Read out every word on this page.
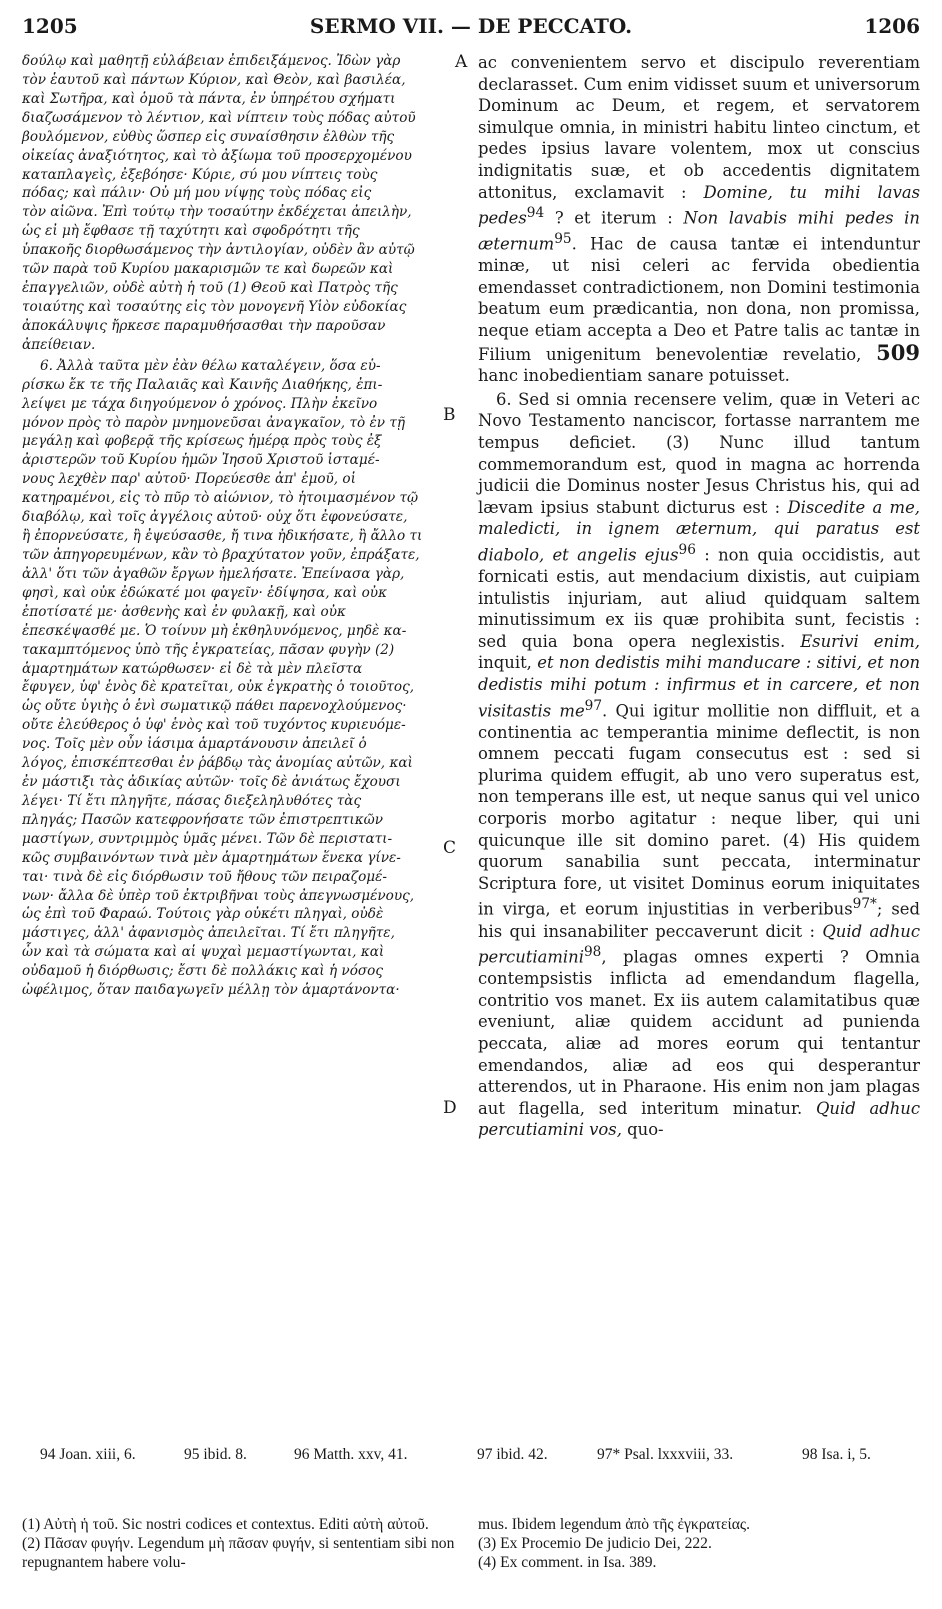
1205	SERMO VII. — DE PECCATO.	1206

δούλῳ καὶ μαθητῇ εὐλάβειαν ἐπιδειξάμενος. Ἰδὼν γὰρ
τὸν ἑαυτοῦ καὶ πάντων Κύριον, καὶ Θεὸν, καὶ βασιλέα,
καὶ Σωτῆρα, καὶ ὁμοῦ τὰ πάντα, ἐν ὑπηρέτου σχήματι
διαζωσάμενον τὸ λέντιον, καὶ νίπτειν τοὺς πόδας αὐτοῦ
βουλόμενον, εὐθὺς ὥσπερ εἰς συναίσθησιν ἐλθὼν τῆς
οἰκείας ἀναξιότητος, καὶ τὸ ἀξίωμα τοῦ προσερχομένου
καταπλαγεὶς, ἐξεβόησε· Κύριε, σύ μου νίπτεις τοὺς
πόδας; καὶ πάλιν· Οὐ μή μου νίψῃς τοὺς πόδας εἰς
τὸν αἰῶνα. Ἐπὶ τούτῳ τὴν τοσαύτην ἐκδέχεται ἀπειλὴν,
ὡς εἰ μὴ ἔφθασε τῇ ταχύτητι καὶ σφοδρότητι τῆς
ὑπακοῆς διορθωσάμενος τὴν ἀντιλογίαν, οὐδὲν ἂν αὐτῷ
τῶν παρὰ τοῦ Κυρίου μακαρισμῶν τε καὶ δωρεῶν καὶ
ἐπαγγελιῶν, οὐδὲ αὐτὴ ἡ τοῦ (1) Θεοῦ καὶ Πατρὸς τῆς
τοιαύτης καὶ τοσαύτης εἰς τὸν μονογενῆ Υἱὸν εὐδοκίας
ἀποκάλυψις ἤρκεσε παραμυθήσασθαι τὴν παροῦσαν
ἀπείθειαν.

6. Ἀλλὰ ταῦτα μὲν ἐὰν θέλω καταλέγειν, ὅσα εὑ-
ρίσκω ἔκ τε τῆς Παλαιᾶς καὶ Καινῆς Διαθήκης, ἐπι-
λείψει με τάχα διηγούμενον ὁ χρόνος. Πλὴν ἐκεῖνο
μόνον πρὸς τὸ παρὸν μνημονεῦσαι ἀναγκαῖον, τὸ ἐν τῇ
μεγάλῃ καὶ φοβερᾷ τῆς κρίσεως ἡμέρᾳ πρὸς τοὺς ἐξ
ἀριστερῶν τοῦ Κυρίου ἡμῶν Ἰησοῦ Χριστοῦ ἱσταμέ-
νους λεχθὲν παρ' αὐτοῦ· Πορεύεσθε ἀπ' ἐμοῦ, οἱ
κατηραμένοι, εἰς τὸ πῦρ τὸ αἰώνιον, τὸ ἡτοιμασμένον τῷ
διαβόλῳ, καὶ τοῖς ἀγγέλοις αὐτοῦ· οὐχ ὅτι ἐφονεύσατε,
ἢ ἐπορνεύσατε, ἢ ἐψεύσασθε, ἤ τινα ἠδικήσατε, ἢ ἄλλο τι
τῶν ἀπηγορευμένων, κἂν τὸ βραχύτατον γοῦν, ἐπράξατε,
ἀλλ' ὅτι τῶν ἀγαθῶν ἔργων ἠμελήσατε. Ἐπείνασα γὰρ,
φησὶ, καὶ οὐκ ἐδώκατέ μοι φαγεῖν· ἐδίψησα, καὶ οὐκ
ἐποτίσατέ με· ἀσθενὴς καὶ ἐν φυλακῇ, καὶ οὐκ
ἐπεσκέψασθέ με. Ὁ τοίνυν μὴ ἐκθηλυνόμενος, μηδὲ κα-
τακαμπτόμενος ὑπὸ τῆς ἐγκρατείας, πᾶσαν φυγὴν (2)
ἁμαρτημάτων κατώρθωσεν· εἰ δὲ τὰ μὲν πλεῖστα
ἔφυγεν, ὑφ' ἑνὸς δὲ κρατεῖται, οὐκ ἐγκρατὴς ὁ τοιοῦτος,
ὡς οὔτε ὑγιὴς ὁ ἑνὶ σωματικῷ πάθει παρενοχλούμενος·
οὔτε ἐλεύθερος ὁ ὑφ' ἑνὸς καὶ τοῦ τυχόντος κυριευόμε-
νος. Τοῖς μὲν οὖν ἰάσιμα ἁμαρτάνουσιν ἀπειλεῖ ὁ
λόγος, ἐπισκέπτεσθαι ἐν ῥάβδῳ τὰς ἀνομίας αὐτῶν, καὶ
ἐν μάστιξι τὰς ἀδικίας αὐτῶν· τοῖς δὲ ἀνιάτως ἔχουσι
λέγει· Τί ἔτι πληγῆτε, πάσας διεξεληλυθότες τὰς
πληγάς; Πασῶν κατεφρονήσατε τῶν ἐπιστρεπτικῶν
μαστίγων, συντριμμὸς ὑμᾶς μένει. Τῶν δὲ περιστατι-
κῶς συμβαινόντων τινὰ μὲν ἁμαρτημάτων ἕνεκα γίνε-
ται· τινὰ δὲ εἰς διόρθωσιν τοῦ ἤθους τῶν πειραζομέ-
νων· ἄλλα δὲ ὑπὲρ τοῦ ἐκτριβῆναι τοὺς ἀπεγνωσμένους,
ὡς ἐπὶ τοῦ Φαραώ. Τούτοις γὰρ οὐκέτι πληγαὶ, οὐδὲ
μάστιγες, ἀλλ' ἀφανισμὸς ἀπειλεῖται. Τί ἔτι πληγῆτε,
ὧν καὶ τὰ σώματα καὶ αἱ ψυχαὶ μεμαστίγωνται, καὶ
οὐδαμοῦ ἡ διόρθωσις; ἔστι δὲ πολλάκις καὶ ἡ νόσος
ὠφέλιμος, ὅταν παιδαγωγεῖν μέλλῃ τὸν ἁμαρτάνοντα·

A
B
C
D

ac convenientem servo et discipulo reverentiam declarasset. Cum enim vidisset suum et universorum Dominum ac Deum, et regem, et servatorem simulque omnia, in ministri habitu linteo cinctum, et pedes ipsius lavare volentem, mox ut conscius indignitatis suæ, et ob accedentis dignitatem attonitus, exclamavit : Domine, tu mihi lavas pedes$^{94}$ ? et iterum : Non lavabis mihi pedes in æternum$^{95}$. Hac de causa tantæ ei intenduntur minæ, ut nisi celeri ac fervida obedientia emendasset contradictionem, non Domini testimonia beatum eum prædicantia, non dona, non promissa, neque etiam accepta a Deo et Patre talis ac tantæ in Filium unigenitum benevolentiæ revelatio, 509 hanc inobedientiam sanare potuisset.

6. Sed si omnia recensere velim, quæ in Veteri ac Novo Testamento nanciscor, fortasse narrantem me tempus deficiet. (3) Nunc illud tantum commemorandum est, quod in magna ac horrenda judicii die Dominus noster Jesus Christus his, qui ad lævam ipsius stabunt dicturus est : Discedite a me, maledicti, in ignem æternum, qui paratus est diabolo, et angelis ejus$^{96}$ : non quia occidistis, aut fornicati estis, aut mendacium dixistis, aut cuipiam intulistis injuriam, aut aliud quidquam saltem minutissimum ex iis quæ prohibita sunt, fecistis : sed quia bona opera neglexistis. Esurivi enim, inquit, et non dedistis mihi manducare : sitivi, et non dedistis mihi potum : infirmus et in carcere, et non visitastis $me^{97}$. Qui igitur mollitie non diffluit, et a continentia ac temperantia minime deflectit, is non omnem peccati fugam consecutus est : sed si plurima quidem effugit, ab uno vero superatus est, non temperans ille est, ut neque sanus qui vel unico corporis morbo agitatur : neque liber, qui uni quicunque ille sit domino paret. (4) His quidem quorum sanabilia sunt peccata, interminatur Scriptura fore, ut visitet Dominus eorum iniquitates in virga, et eorum injustitias in verberibus$^{97*}$; sed his qui insanabiliter peccaverunt dicit : Quid adhuc percutiamini$^{98}$, plagas omnes experti ? Omnia contempsistis inflicta ad emendandum flagella, contritio vos manet. Ex iis autem calamitatibus quæ eveniunt, aliæ quidem accidunt ad punienda peccata, aliæ ad mores eorum qui tentantur emendandos, aliæ ad eos qui desperantur atterendos, ut in Pharaone. His enim non jam plagas aut flagella, sed interitum minatur. Quid adhuc percutiamini vos, quo-

94 Joan. xiii, 6.	95 ibid. 8.	96 Matth. xxv, 41.	97 ibid. 42.	97* Psal. lxxxviii, 33.	98 Isa. i, 5.

(1) Αὐτὴ ἡ τοῦ. Sic nostri codices et contextus. Editi αὐτὴ αὐτοῦ.

(2) Πᾶσαν φυγήν. Legendum μὴ πᾶσαν φυγήν, si sententiam sibi non repugnantem habere volu-

mus. Ibidem legendum ἀπὸ τῆς ἐγκρατείας.

(3) Ex Procemio De judicio Dei, 222.

(4) Ex comment. in Isa. 389.
